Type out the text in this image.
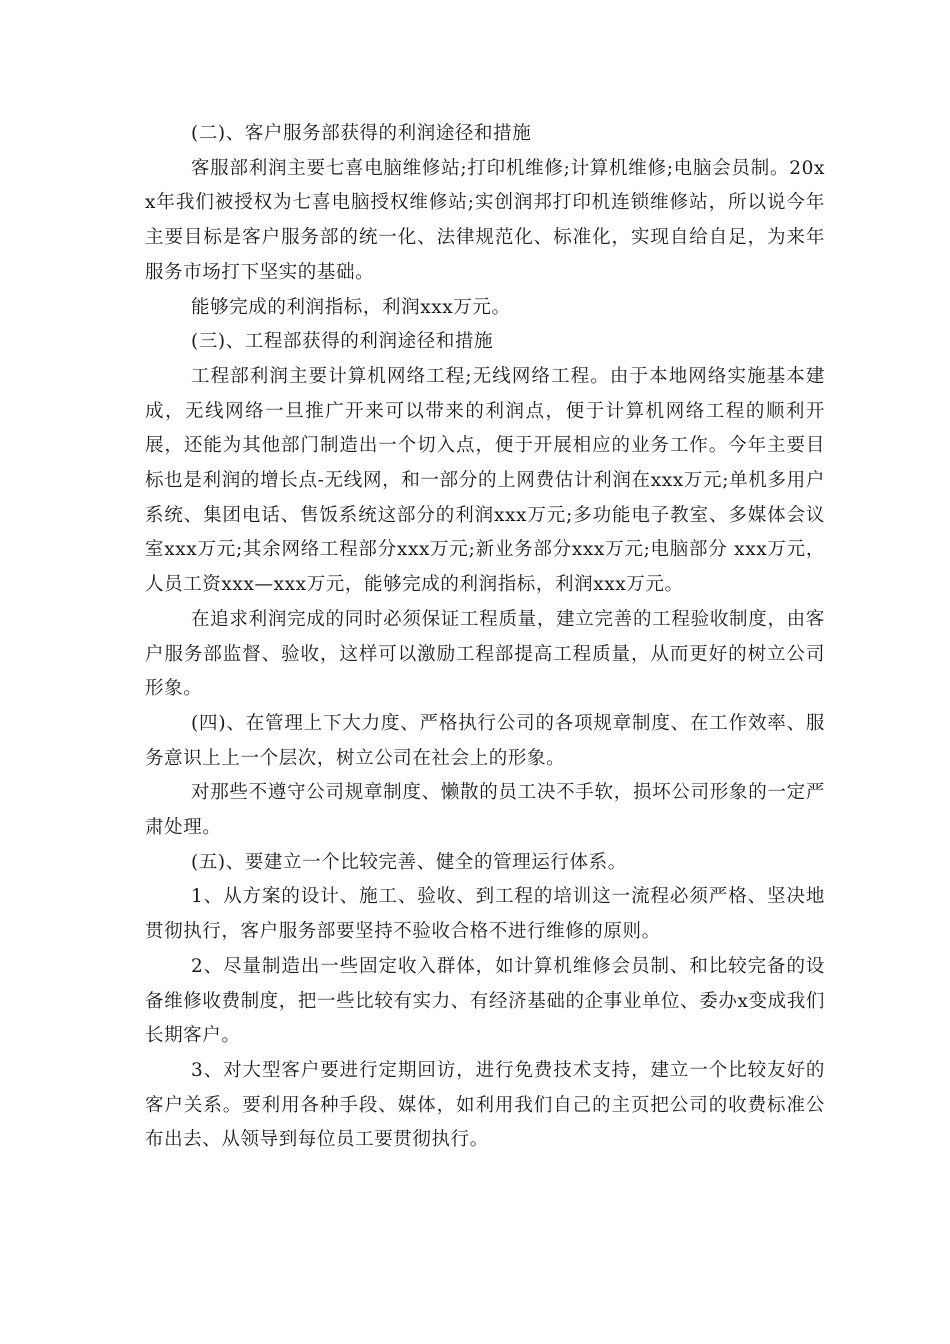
(二)、客户服务部获得的利润途径和措施

客服部利润主要七喜电脑维修站;打印机维修;计算机维修;电脑会员制。20xx年我们被授权为七喜电脑授权维修站;实创润邦打印机连锁维修站，所以说今年主要目标是客户服务部的统一化、法律规范化、标准化，实现自给自足，为来年服务市场打下坚实的基础。

能够完成的利润指标，利润xxx万元。

(三)、工程部获得的利润途径和措施

工程部利润主要计算机网络工程;无线网络工程。由于本地网络实施基本建成，无线网络一旦推广开来可以带来的利润点，便于计算机网络工程的顺利开展，还能为其他部门制造出一个切入点，便于开展相应的业务工作。今年主要目标也是利润的增长点-无线网，和一部分的上网费估计利润在xxx万元;单机多用户系统、集团电话、售饭系统这部分的利润xxx万元;多功能电子教室、多媒体会议室xxx万元;其余网络工程部分xxx万元;新业务部分xxx万元;电脑部分 xxx万元，人员工资xxx—xxx万元，能够完成的利润指标，利润xxx万元。

在追求利润完成的同时必须保证工程质量，建立完善的工程验收制度，由客户服务部监督、验收，这样可以激励工程部提高工程质量，从而更好的树立公司形象。

(四)、在管理上下大力度、严格执行公司的各项规章制度、在工作效率、服务意识上上一个层次，树立公司在社会上的形象。

对那些不遵守公司规章制度、懒散的员工决不手软，损坏公司形象的一定严肃处理。

(五)、要建立一个比较完善、健全的管理运行体系。

1、从方案的设计、施工、验收、到工程的培训这一流程必须严格、坚决地贯彻执行，客户服务部要坚持不验收合格不进行维修的原则。

2、尽量制造出一些固定收入群体，如计算机维修会员制、和比较完备的设备维修收费制度，把一些比较有实力、有经济基础的企事业单位、委办x变成我们长期客户。

3、对大型客户要进行定期回访，进行免费技术支持，建立一个比较友好的客户关系。要利用各种手段、媒体，如利用我们自己的主页把公司的收费标准公布出去、从领导到每位员工要贯彻执行。
